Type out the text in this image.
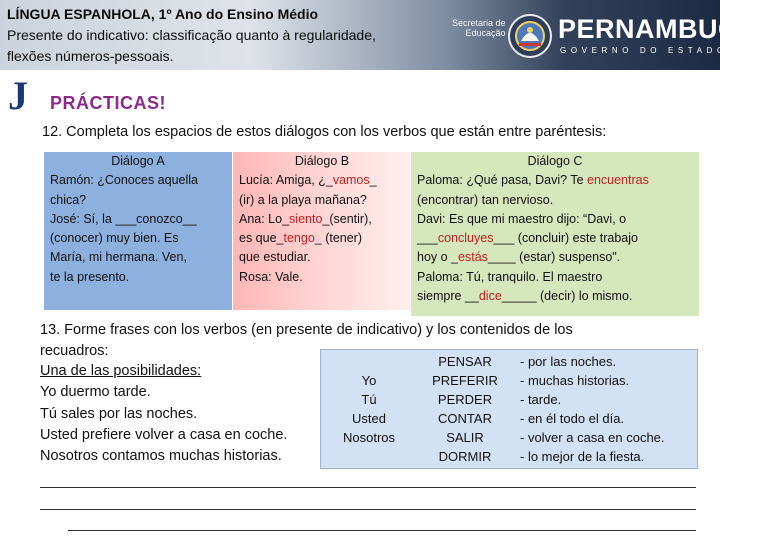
LÍNGUA ESPANHOLA, 1º Ano do Ensino Médio
Presente do indicativo: classificação quanto à regularidade,
flexões números-pessoais.
Secretaria de
Educação PERNAMBUCO
GOVERNO DO ESTADO
J PRÁCTICAS!
12. Completa los espacios de estos diálogos con los verbos que están entre paréntesis:
Diálogo A
Ramón: ¿Conoces aquella
chica?
José: Sí, la ___conozco__
(conocer) muy bien. Es
María, mi hermana. Ven,
te la presento.
Diálogo B
Lucía: Amiga, ¿_vamos_
(ir) a la playa mañana?
Ana: Lo_siento_(sentir),
es que_tengo_ (tener)
que estudiar.
Rosa: Vale.
Diálogo C
Paloma: ¿Qué pasa, Davi? Te encuentras
(encontrar) tan nervioso.
Davi: Es que mi maestro dijo: “Davi, o
___concluyes___ (concluir) este trabajo
hoy o _estás____ (estar) suspenso".
Paloma: Tú, tranquilo. El maestro
siempre __dice_____ (decir) lo mismo.
13. Forme frases con los verbos (en presente de indicativo) y los contenidos de los
recuadros:
Una de las posibilidades:
Yo duermo tarde.
Tú sales por las noches.
Usted prefiere volver a casa en coche.
Nosotros contamos muchas historias.
Yo
Tú
Usted
Nosotros
PENSAR
PREFERIR
PERDER
CONTAR
SALIR
DORMIR
- por las noches.
- muchas historias.
- tarde.
- en él todo el día.
- volver a casa en coche.
- lo mejor de la fiesta.
